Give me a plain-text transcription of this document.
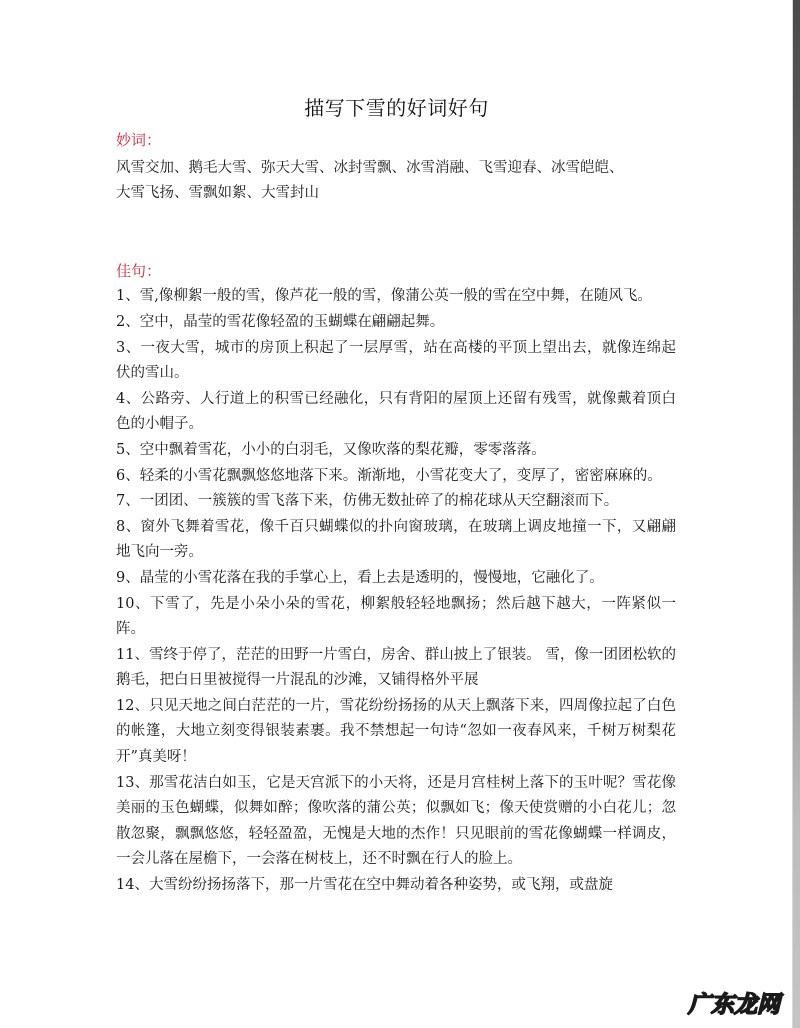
描写下雪的好词好句
妙词：
风雪交加、鹅毛大雪、弥天大雪、冰封雪飘、冰雪消融、飞雪迎春、冰雪皑皑、
大雪飞扬、雪飘如絮、大雪封山
佳句：
1、雪,像柳絮一般的雪，像芦花一般的雪，像蒲公英一般的雪在空中舞，在随风飞。
2、空中，晶莹的雪花像轻盈的玉蝴蝶在翩翩起舞。
3、一夜大雪，城市的房顶上积起了一层厚雪，站在高楼的平顶上望出去，就像连绵起伏的雪山。
4、公路旁、人行道上的积雪已经融化，只有背阳的屋顶上还留有残雪，就像戴着顶白色的小帽子。
5、空中飘着雪花，小小的白羽毛，又像吹落的梨花瓣，零零落落。
6、轻柔的小雪花飘飘悠悠地落下来。渐渐地，小雪花变大了，变厚了，密密麻麻的。
7、一团团、一簇簇的雪飞落下来，仿佛无数扯碎了的棉花球从天空翻滚而下。
8、窗外飞舞着雪花，像千百只蝴蝶似的扑向窗玻璃，在玻璃上调皮地撞一下，又翩翩地飞向一旁。
9、晶莹的小雪花落在我的手掌心上，看上去是透明的，慢慢地，它融化了。
10、下雪了，先是小朵小朵的雪花，柳絮般轻轻地飘扬；然后越下越大，一阵紧似一阵。
11、雪终于停了，茫茫的田野一片雪白，房舍、群山披上了银装。 雪，像一团团松软的鹅毛，把白日里被搅得一片混乱的沙滩，又铺得格外平展
12、只见天地之间白茫茫的一片，雪花纷纷扬扬的从天上飘落下来，四周像拉起了白色的帐篷，大地立刻变得银装素裹。我不禁想起一句诗“忽如一夜春风来，千树万树梨花开”真美呀！
13、那雪花洁白如玉，它是天宫派下的小天将，还是月宫桂树上落下的玉叶呢？雪花像美丽的玉色蝴蝶，似舞如醉；像吹落的蒲公英；似飘如飞；像天使赏赠的小白花儿；忽散忽聚，飘飘悠悠，轻轻盈盈，无愧是大地的杰作！只见眼前的雪花像蝴蝶一样调皮，一会儿落在屋檐下，一会落在树枝上，还不时飘在行人的脸上。
14、大雪纷纷扬扬落下，那一片雪花在空中舞动着各种姿势，或飞翔，或盘旋
广东龙网
